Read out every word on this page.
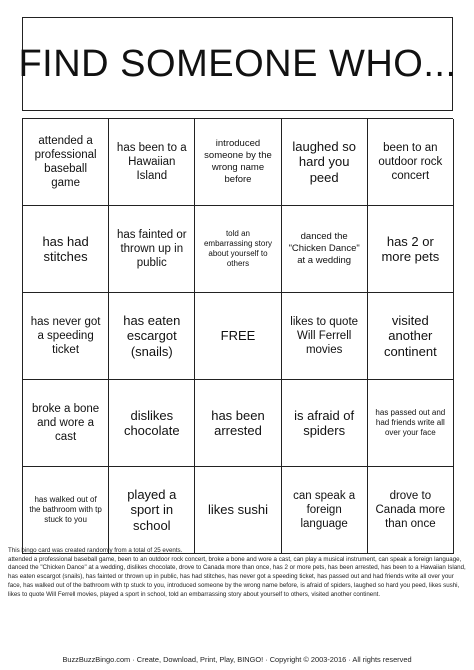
FIND SOMEONE WHO...
attended a professional baseball game
has been to a Hawaiian Island
introduced someone by the wrong name before
laughed so hard you peed
been to an outdoor rock concert
has had stitches
has fainted or thrown up in public
told an embarrassing story about yourself to others
danced the "Chicken Dance" at a wedding
has 2 or more pets
has never got a speeding ticket
has eaten escargot (snails)
FREE
likes to quote Will Ferrell movies
visited another continent
broke a bone and wore a cast
dislikes chocolate
has been arrested
is afraid of spiders
has passed out and had friends write all over your face
has walked out of the bathroom with tp stuck to you
played a sport in school
likes sushi
can speak a foreign language
drove to Canada more than once

This bingo card was created randomly from a total of 25 events.

attended a professional baseball game, been to an outdoor rock concert, broke a bone and wore a cast, can play a musical instrument, can speak a foreign language, danced the "Chicken Dance" at a wedding, dislikes chocolate, drove to Canada more than once, has 2 or more pets, has been arrested, has been to a Hawaiian Island, has eaten escargot (snails), has fainted or thrown up in public, has had stitches, has never got a speeding ticket, has passed out and had friends write all over your face, has walked out of the bathroom with tp stuck to you, introduced someone by the wrong name before, is afraid of spiders, laughed so hard you peed, likes sushi, likes to quote Will Ferrell movies, played a sport in school, told an embarrassing story about yourself to others, visited another continent.

BuzzBuzzBingo.com · Create, Download, Print, Play, BINGO! · Copyright © 2003-2016 · All rights reserved
